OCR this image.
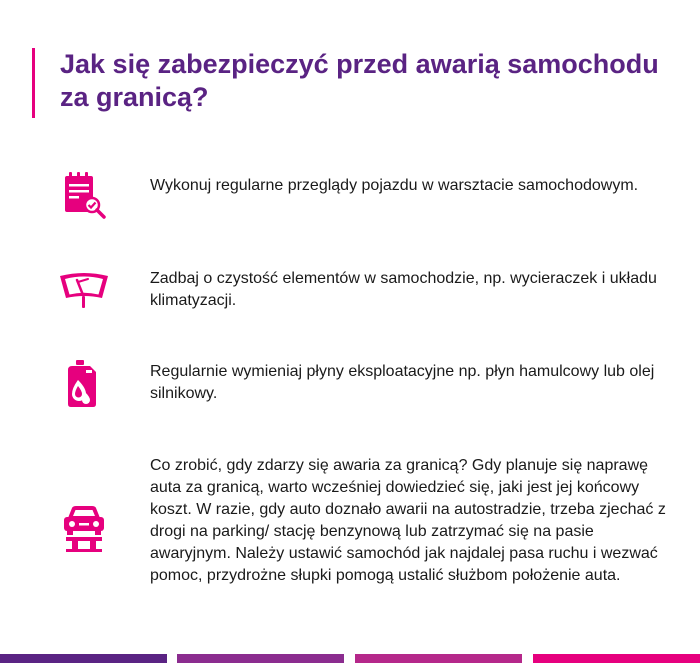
Jak się zabezpieczyć przed awarią samochodu za granicą?

Wykonuj regularne przeglądy pojazdu w warsztacie samochodowym.

Zadbaj o czystość elementów w samochodzie, np. wycieraczek i układu klimatyzacji.

Regularnie wymieniaj płyny eksploatacyjne np. płyn hamulcowy lub olej silnikowy.

Co zrobić, gdy zdarzy się awaria za granicą? Gdy planuje się naprawę auta za granicą, warto wcześniej dowiedzieć się, jaki jest jej końcowy koszt. W razie, gdy auto doznało awarii na autostradzie, trzeba zjechać z drogi na parking/ stację benzynową lub zatrzymać się na pasie awaryjnym. Należy ustawić samochód jak najdalej pasa ruchu i wezwać pomoc, przydrożne słupki pomogą ustalić służbom położenie auta.
